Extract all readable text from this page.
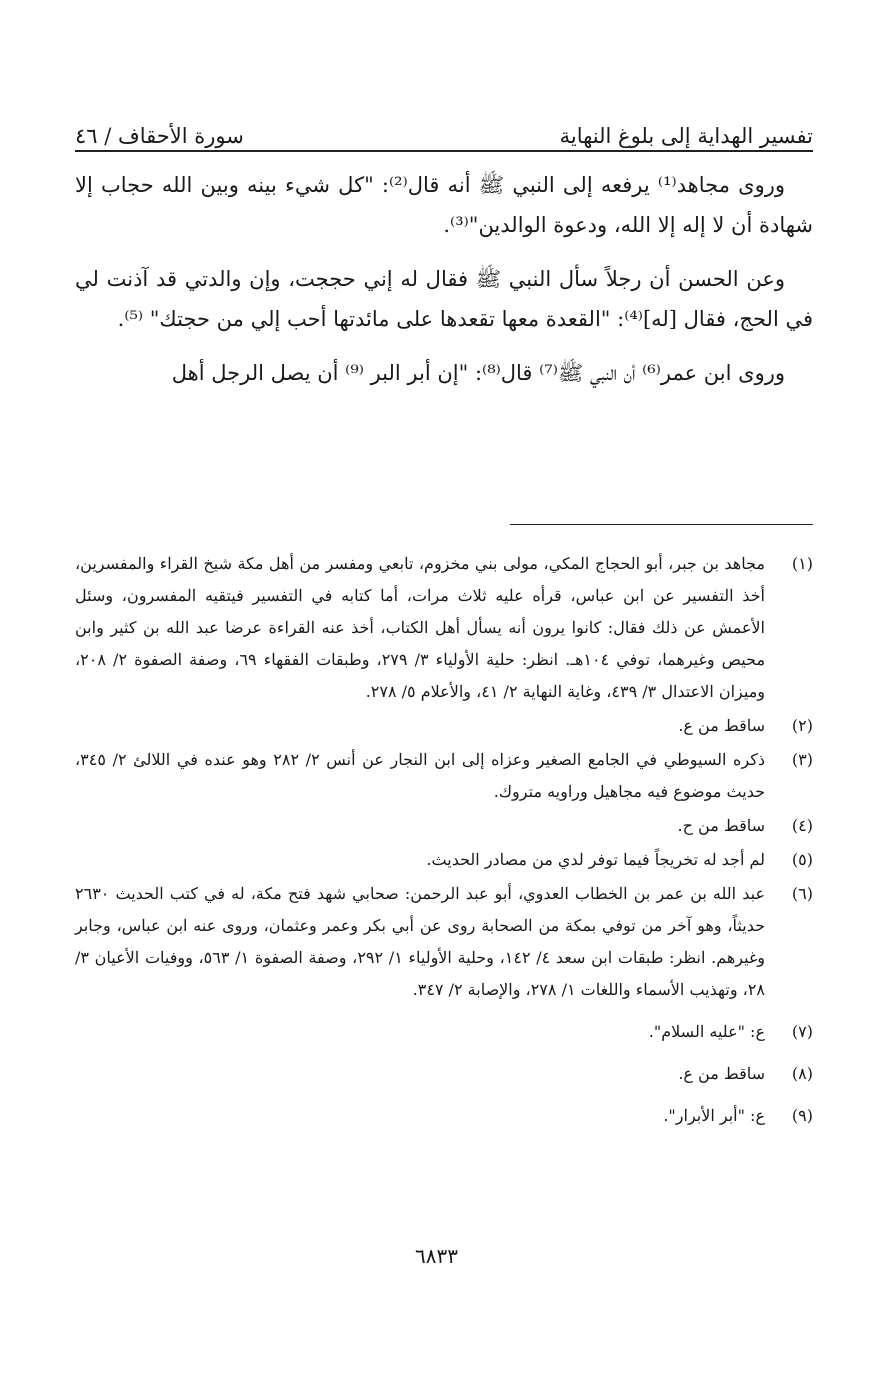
تفسير الهداية إلى بلوغ النهاية
سورة الأحقاف / ٤٦

وروى مجاهد⁽¹⁾ يرفعه إلى النبي ﷺ أنه قال⁽²⁾: "كل شيء بينه وبين الله حجاب إلا شهادة أن لا إله إلا الله، ودعوة الوالدين"⁽³⁾.

وعن الحسن أن رجلاً سأل النبي ﷺ فقال له إني حججت، وإن والدتي قد آذنت لي في الحج، فقال [له]⁽⁴⁾: "القعدة معها تقعدها على مائدتها أحب إلي من حجتك" ⁽⁵⁾.

وروى ابن عمر⁽⁶⁾ أن النبي ﷺ⁽⁷⁾ قال⁽⁸⁾: "إن أبر البر ⁽⁹⁾ أن يصل الرجل أهل

(١)
مجاهد بن جبر، أبو الحجاج المكي، مولى بني مخزوم، تابعي ومفسر من أهل مكة شيخ القراء والمفسرين، أخذ التفسير عن ابن عباس، قرأه عليه ثلاث مرات، أما كتابه في التفسير فيتقيه المفسرون، وسئل الأعمش عن ذلك فقال: كانوا يرون أنه يسأل أهل الكتاب، أخذ عنه القراءة عرضا عبد الله بن كثير وابن محيص وغيرهما، توفي ١٠٤هـ. انظر: حلية الأولياء ٣/ ٢٧٩، وطبقات الفقهاء ٦٩، وصفة الصفوة ٢/ ٢٠٨، وميزان الاعتدال ٣/ ٤٣٩، وغاية النهاية ٢/ ٤١، والأعلام ٥/ ٢٧٨.
(٢)
ساقط من ع.
(٣)
ذكره السيوطي في الجامع الصغير وعزاه إلى ابن النجار عن أنس ٢/ ٢٨٢ وهو عنده في اللالئ ٢/ ٣٤٥، حديث موضوع فيه مجاهيل وراويه متروك.
(٤)
ساقط من ح.
(٥)
لم أجد له تخريجاً فيما توفر لدي من مصادر الحديث.
(٦)
عبد الله بن عمر بن الخطاب العدوي، أبو عبد الرحمن: صحابي شهد فتح مكة، له في كتب الحديث ٢٦٣٠ حديثاً، وهو آخر من توفي بمكة من الصحابة روى عن أبي بكر وعمر وعثمان، وروى عنه ابن عباس، وجابر وغيرهم. انظر: طبقات ابن سعد ٤/ ١٤٢، وحلية الأولياء ١/ ٢٩٢، وصفة الصفوة ١/ ٥٦٣، ووفيات الأعيان ٣/ ٢٨، وتهذيب الأسماء واللغات ١/ ٢٧٨، والإصابة ٢/ ٣٤٧.
(٧)
ع: "عليه السلام".
(٨)
ساقط من ع.
(٩)
ع: "أبر الأبرار".
٦٨٣٣
